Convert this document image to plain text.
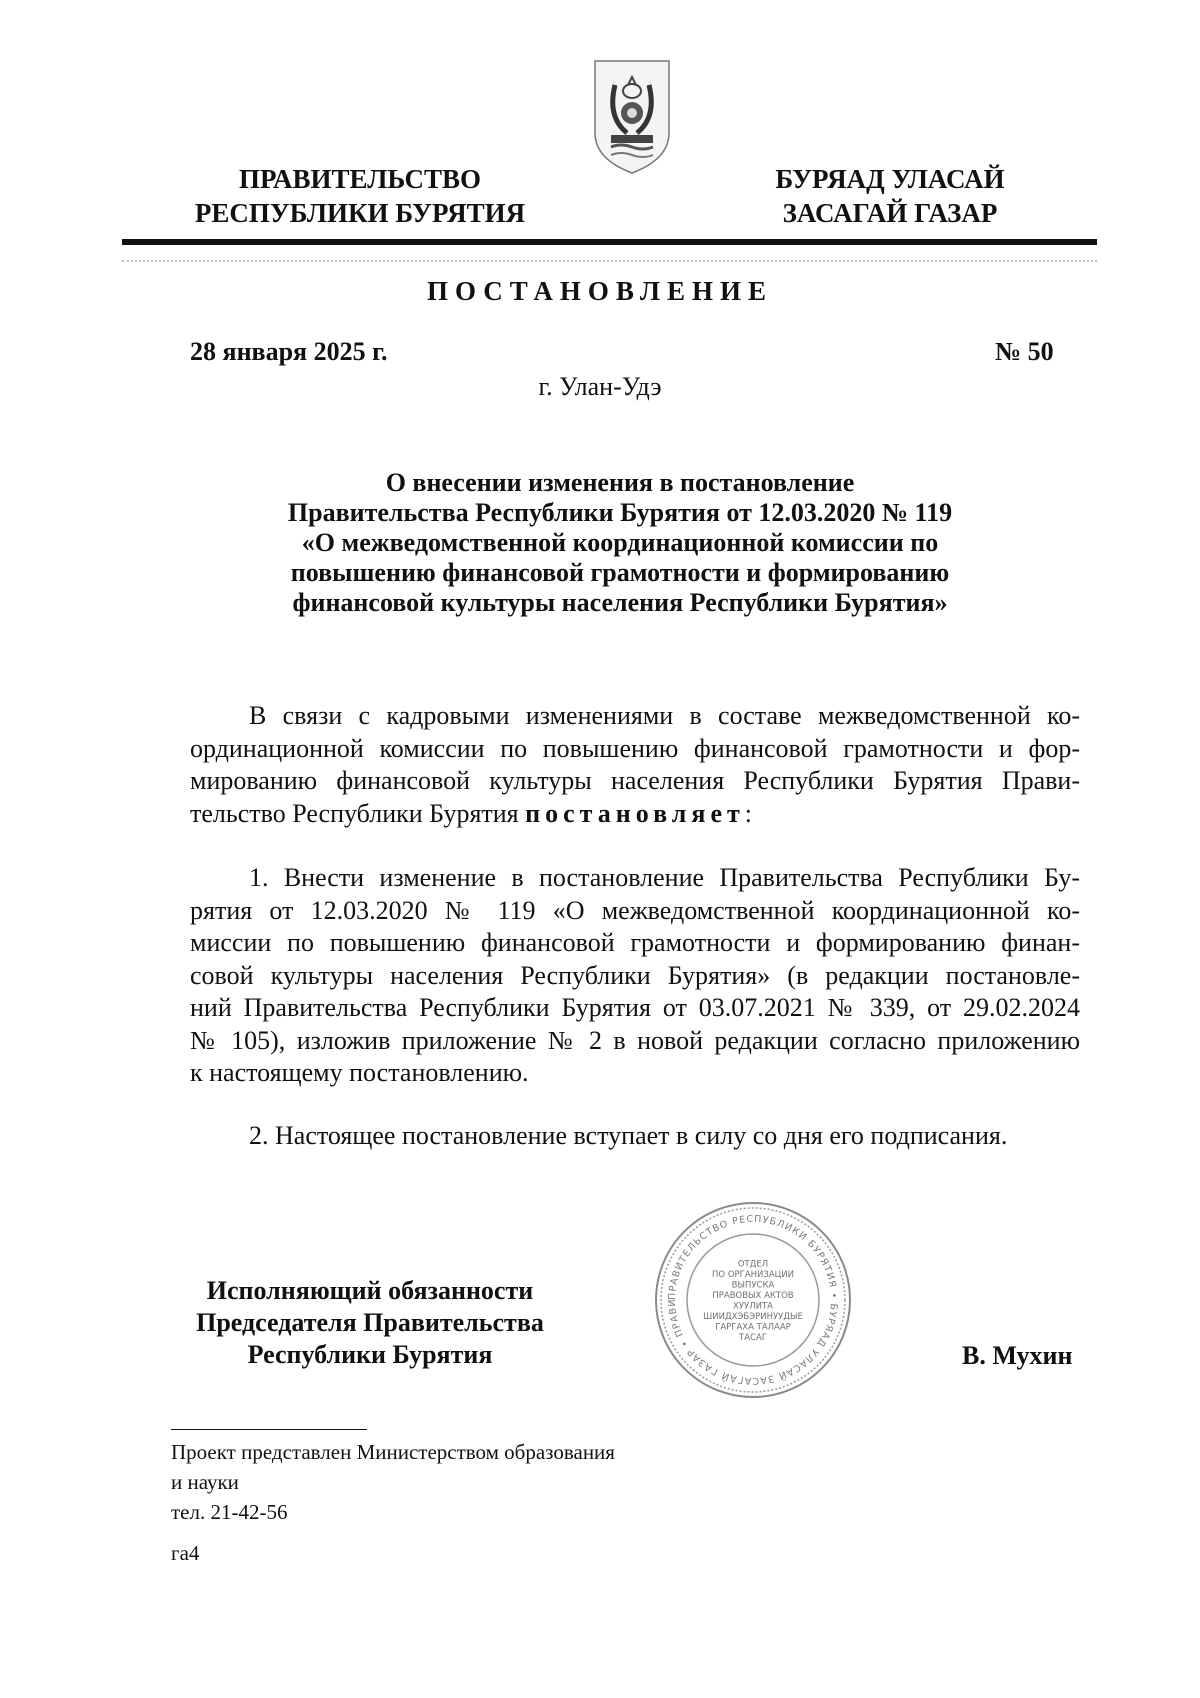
ПРАВИТЕЛЬСТВО
РЕСПУБЛИКИ БУРЯТИЯ
БУРЯАД УЛАСАЙ
ЗАСАГАЙ ГАЗАР
ПОСТАНОВЛЕНИЕ
28 января 2025 г.	№ 50
г. Улан-Удэ
О внесении изменения в постановление
Правительства Республики Бурятия от 12.03.2020 № 119
«О межведомственной координационной комиссии по
повышению финансовой грамотности и формированию
финансовой культуры населения Республики Бурятия»
В связи с кадровыми изменениями в составе межведомственной ко-
ординационной комиссии по повышению финансовой грамотности и фор-
мированию финансовой культуры населения Республики Бурятия Прави-
тельство Республики Бурятия постановляет:
1. Внести изменение в постановление Правительства Республики Бу-
рятия от 12.03.2020 № 119 «О межведомственной координационной ко-
миссии по повышению финансовой грамотности и формированию финан-
совой культуры населения Республики Бурятия» (в редакции постановле-
ний Правительства Республики Бурятия от 03.07.2021 № 339, от 29.02.2024
№ 105), изложив приложение № 2 в новой редакции согласно приложению
к настоящему постановлению.
2. Настоящее постановление вступает в силу со дня его подписания.
Исполняющий обязанности
Председателя Правительства
Республики Бурятия
ПРАВИТЕЛЬСТВО РЕСПУБЛИКИ БУРЯТИЯ • БУРЯАД УЛАСАЙ ЗАСАГАЙ ГАЗАР • ПРАВИ
ОТДЕЛ
ПО ОРГАНИЗАЦИИ
ВЫПУСКА
ПРАВОВЫХ АКТОВ
ХУУЛИТА
ШИИДХЭБЭРИНУУДЫЕ
ГАРГАХА ТАЛААР
ТАСАГ
В. Мухин
Проект представлен Министерством образования
и науки
тел. 21-42-56
га4
